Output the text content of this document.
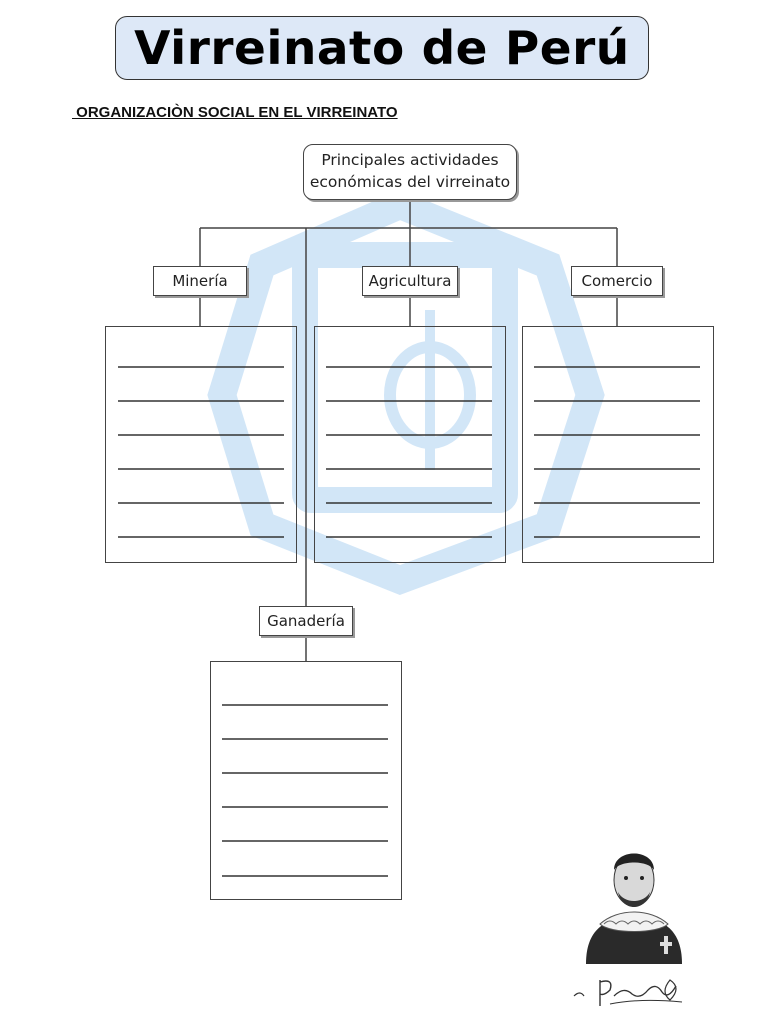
Virreinato de Perú
ORGANIZACIÒN SOCIAL EN EL VIRREINATO
Principales actividades
económicas del virreinato
Minería	Agricultura	Comercio
Ganadería
